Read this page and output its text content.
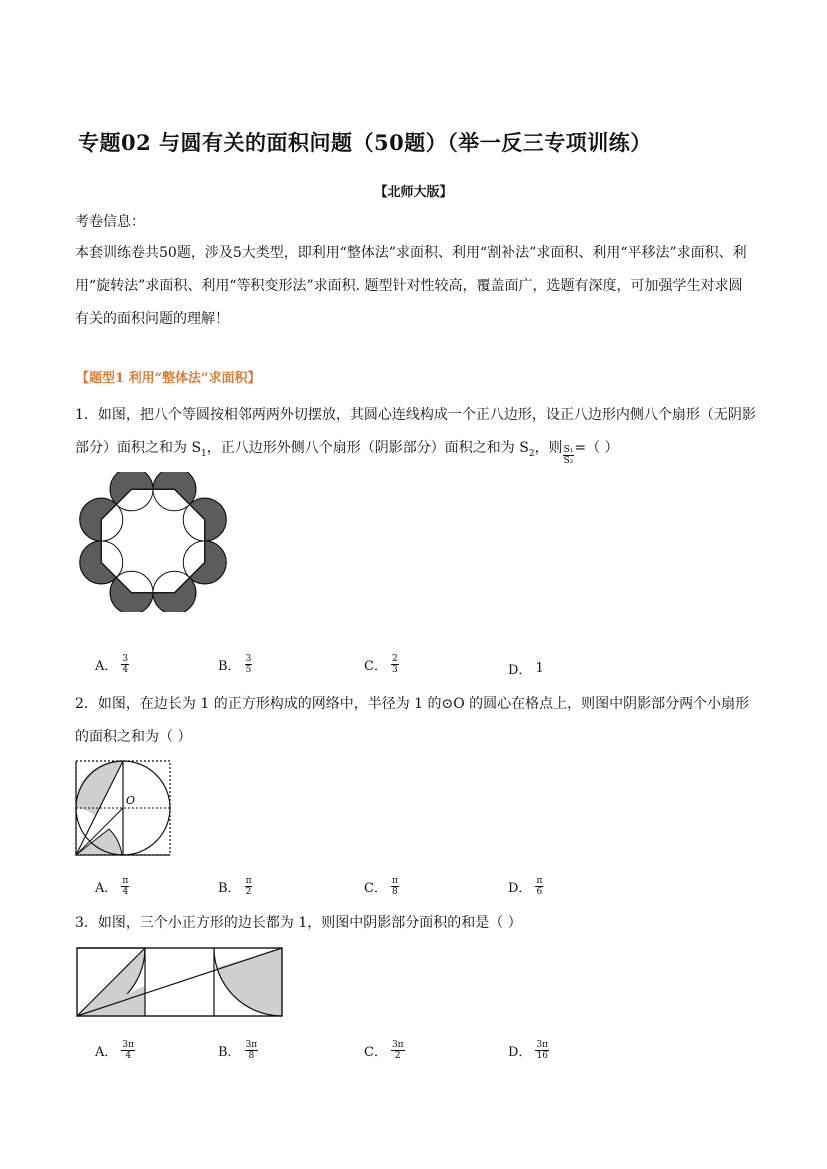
专题02 与圆有关的面积问题（50题）（举一反三专项训练）
【北师大版】
考卷信息：
本套训练卷共50题，涉及5大类型，即利用“整体法”求面积、利用“割补法”求面积、利用“平移法”求面积、利用“旋转法”求面积、利用“等积变形法”求面积. 题型针对性较高，覆盖面广，选题有深度，可加强学生对求圆有关的面积问题的理解！
【题型1 利用“整体法”求面积】
1．如图，把八个等圆按相邻两两外切摆放，其圆心连线构成一个正八边形，设正八边形内侧八个扇形（无阴影部分）面积之和为 $S_1$，正八边形外侧八个扇形（阴影部分）面积之和为 $S_2$，则 $\frac{\text{S₁}}{\text{S₂}}$ =（ ）
A． $\frac{3}{4}$	B． $\frac{3}{5}$	C． $\frac{2}{3}$	D． 1
2．如图，在边长为 1 的正方形构成的网络中，半径为 1 的⊙O 的圆心在格点上，则图中阴影部分两个小扇形的面积之和为（ ）
O
A． $\frac{\pi}{4}$	B． $\frac{\pi}{2}$	C． $\frac{\pi}{8}$	D． $\frac{\pi}{6}$
3．如图，三个小正方形的边长都为 1，则图中阴影部分面积的和是（ ）
A． $\frac{3\pi}{4}$	B． $\frac{3\pi}{8}$	C． $\frac{3\pi}{2}$	D． $\frac{3\pi}{16}$
